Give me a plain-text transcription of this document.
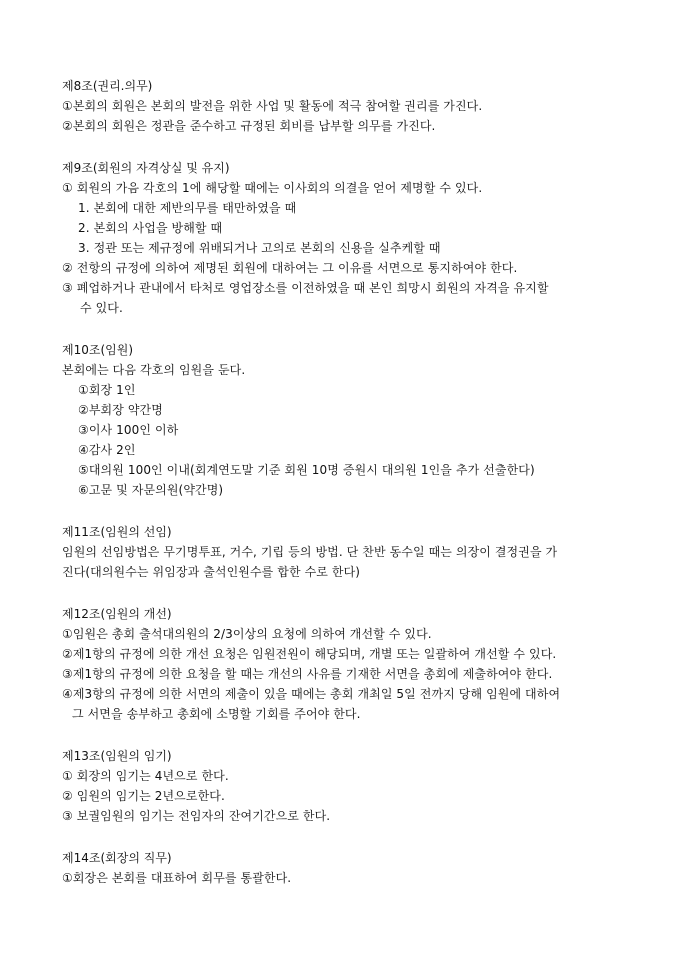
제8조(권리.의무)
①본회의 회원은 본회의 발전을 위한 사업 및 활동에 적극 참여할 권리를 가진다.
②본회의 회원은 정관을 준수하고 규정된 회비를 납부할 의무를 가진다.
제9조(회원의 자격상실 및 유지)
① 회원의 가음 각호의 1에 해당할 때에는 이사회의 의결을 얻어 제명할 수 있다.
1. 본회에 대한 제반의무를 태만하였을 때
2. 본회의 사업을 방해할 때
3. 정관 또는 제규정에 위배되거나 고의로 본회의 신용을 실추케할 때
② 전항의 규정에 의하여 제명된 회원에 대하여는 그 이유를 서면으로 통지하여야 한다.
③ 폐업하거나 관내에서 타처로 영업장소를 이전하였을 때 본인 희망시 회원의 자격을 유지할
수 있다.
제10조(임원)
본회에는 다음 각호의 임원을 둔다.
①회장 1인
②부회장 약간명
③이사 100인 이하
④감사 2인
⑤대의원 100인 이내(회계연도말 기준 회원 10명 증원시 대의원 1인을 추가 선출한다)
⑥고문 및 자문의원(약간명)
제11조(임원의 선임)
임원의 선임방법은 무기명투표, 거수, 기립 등의 방법. 단 찬반 동수일 때는 의장이 결정권을 가
진다(대의원수는 위임장과 출석인원수를 합한 수로 한다)
제12조(임원의 개선)
①임원은 총회 출석대의원의 2/3이상의 요청에 의하여 개선할 수 있다.
②제1항의 규정에 의한 개선 요청은 임원전원이 해당되며, 개별 또는 일괄하여 개선할 수 있다.
③제1항의 규정에 의한 요청을 할 때는 개선의 사유를 기재한 서면을 총회에 제출하여야 한다.
④제3항의 규정에 의한 서면의 제출이 있을 때에는 총회 개최일 5일 전까지 당해 임원에 대하여
그 서면을 송부하고 총회에 소명할 기회를 주어야 한다.
제13조(임원의 임기)
① 회장의 임기는 4년으로 한다.
② 임원의 임기는 2년으로한다.
③ 보궐임원의 임기는 전임자의 잔여기간으로 한다.
제14조(회장의 직무)
①회장은 본회를 대표하여 회무를 통괄한다.
